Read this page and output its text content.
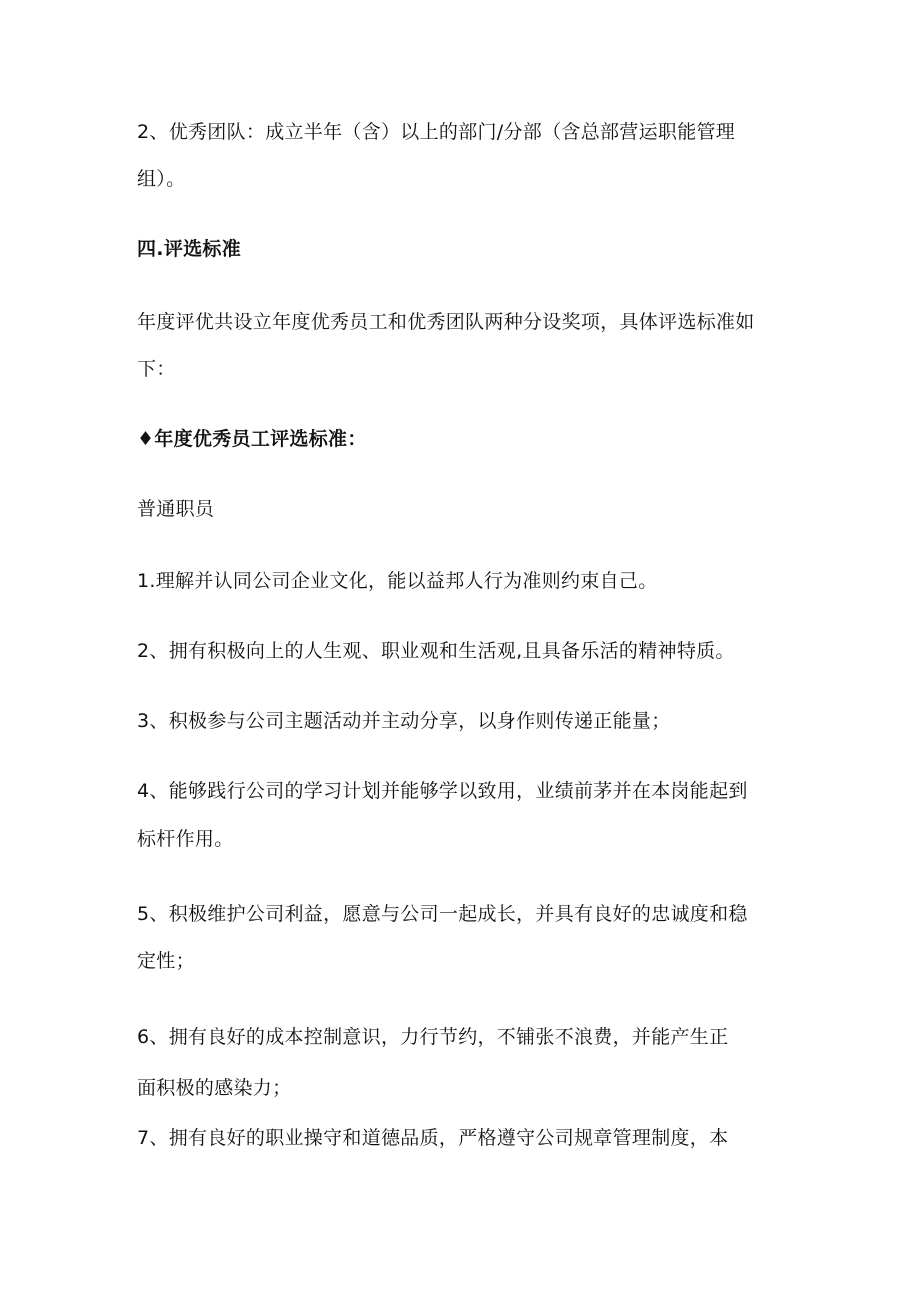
2、优秀团队：成立半年（含）以上的部门/分部（含总部营运职能管理
组）。
四.评选标准
年度评优共设立年度优秀员工和优秀团队两种分设奖项，具体评选标准如
下：
♦年度优秀员工评选标准：
普通职员
1.理解并认同公司企业文化，能以益邦人行为准则约束自己。
2、拥有积极向上的人生观、职业观和生活观,且具备乐活的精神特质。
3、积极参与公司主题活动并主动分享，以身作则传递正能量；
4、能够践行公司的学习计划并能够学以致用，业绩前茅并在本岗能起到
标杆作用。
5、积极维护公司利益，愿意与公司一起成长，并具有良好的忠诚度和稳
定性；
6、拥有良好的成本控制意识，力行节约，不铺张不浪费，并能产生正
面积极的感染力；
7、拥有良好的职业操守和道德品质，严格遵守公司规章管理制度，本
